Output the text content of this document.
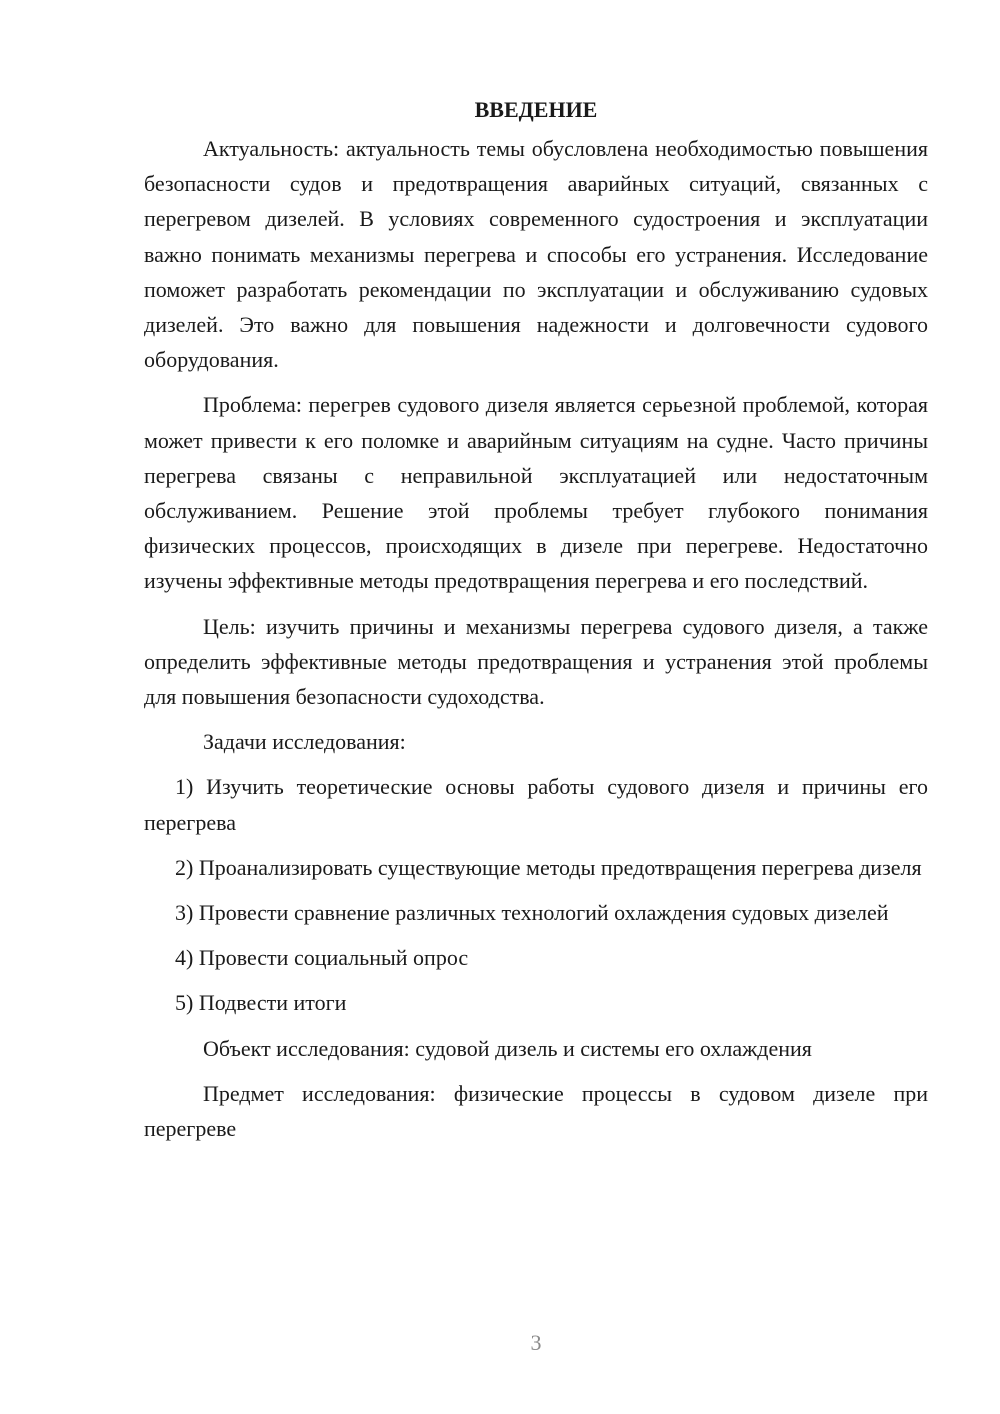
ВВЕДЕНИЕ

Актуальность: актуальность темы обусловлена необходимостью повышения безопасности судов и предотвращения аварийных ситуаций, связанных с перегревом дизелей. В условиях современного судостроения и эксплуатации важно понимать механизмы перегрева и способы его устранения. Исследование поможет разработать рекомендации по эксплуатации и обслуживанию судовых дизелей. Это важно для повышения надежности и долговечности судового оборудования.

Проблема: перегрев судового дизеля является серьезной проблемой, которая может привести к его поломке и аварийным ситуациям на судне. Часто причины перегрева связаны с неправильной эксплуатацией или недостаточным обслуживанием. Решение этой проблемы требует глубокого понимания физических процессов, происходящих в дизеле при перегреве. Недостаточно изучены эффективные методы предотвращения перегрева и его последствий.

Цель: изучить причины и механизмы перегрева судового дизеля, а также определить эффективные методы предотвращения и устранения этой проблемы для повышения безопасности судоходства.

Задачи исследования:

1) Изучить теоретические основы работы судового дизеля и причины его перегрева

2) Проанализировать существующие методы предотвращения перегрева дизеля

3) Провести сравнение различных технологий охлаждения судовых дизелей

4) Провести социальный опрос

5) Подвести итоги

Объект исследования: судовой дизель и системы его охлаждения

Предмет исследования: физические процессы в судовом дизеле при перегреве

3
